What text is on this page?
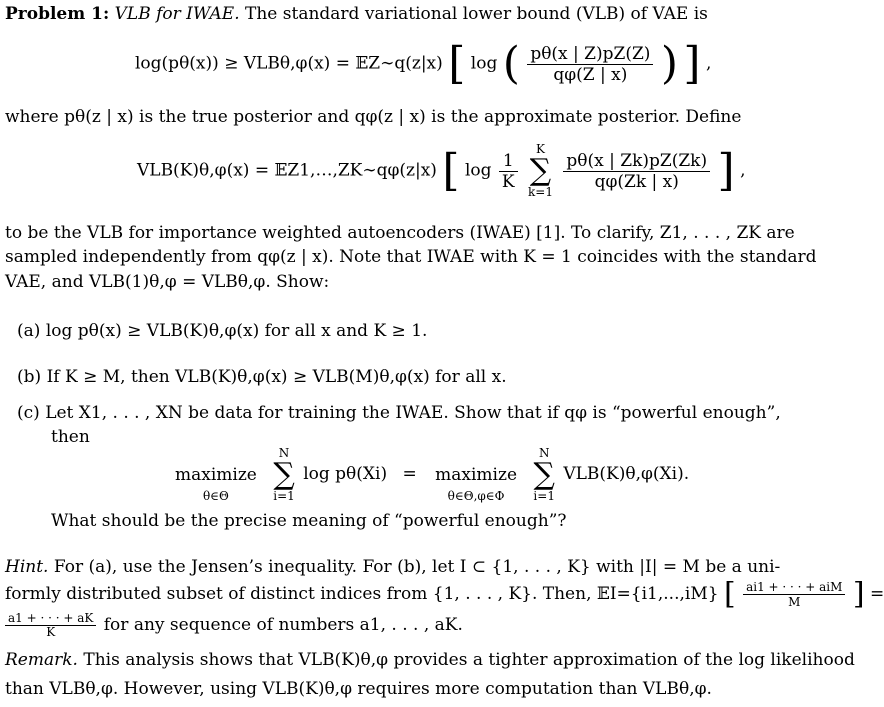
Problem 1: VLB for IWAE. The standard variational lower bound (VLB) of VAE is
log(pθ(x)) ≥ VLBθ,φ(x) = 𝔼Z∼q(z|x) [ log ( $\frac{p\theta(x | Z)pZ(Z)}{q\varphi(Z | x)}$ ) ] ,
where pθ(z | x) is the true posterior and qφ(z | x) is the approximate posterior. Define
VLB(K)θ,φ(x) = 𝔼Z1,…,ZK∼qφ(z|x) [ $\log \frac{1}{K}$

K
∑
k=1

$\frac{p\theta(x | Zk)pZ(Zk)}{q\varphi(Zk | x)}$ ] ,
to be the VLB for importance weighted autoencoders (IWAE) [1]. To clarify, Z1, . . . , ZK are
sampled independently from qφ(z | x). Note that IWAE with K = 1 coincides with the standard
VAE, and VLB(1)θ,φ = VLBθ,φ. Show:
(a) log pθ(x) ≥ VLB(K)θ,φ(x) for all x and K ≥ 1.
(b) If K ≥ M, then VLB(K)θ,φ(x) ≥ VLB(M)θ,φ(x) for all x.
(c) Let X1, . . . , XN be data for training the IWAE. Show that if qφ is “powerful enough”,
then
maximize
θ∈Θ

N
∑
i=1
log pθ(Xi) = maximize
θ∈Θ,φ∈Φ

N
∑
i=1
VLB(K)θ,φ(Xi).
What should be the precise meaning of “powerful enough”?
Hint. For (a), use the Jensen’s inequality. For (b), let I ⊂ {1, . . . , K} with |I| = M be a uni-
formly distributed subset of distinct indices from {1, . . . , K}. Then, 𝔼I={i1,...,iM} [ $\frac{\text{ai1 + · · · + aiM}}{M}$ ] =
$\frac{a1 + \cdot \cdot \cdot + aK}{K}$ for any sequence of numbers a1, . . . , aK.
Remark. This analysis shows that VLB(K)θ,φ provides a tighter approximation of the log likelihood
than VLBθ,φ. However, using VLB(K)θ,φ requires more computation than VLBθ,φ.
